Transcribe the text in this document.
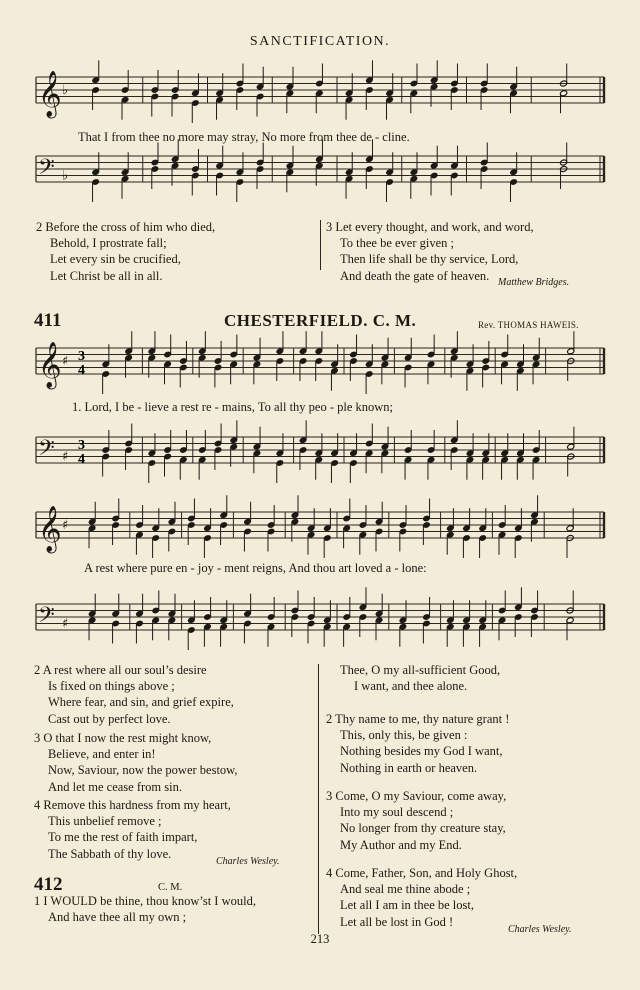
SANCTIFICATION.
𝄞 ♭
That I from thee no more may stray, No more from thee de - cline.
𝄢 ♭
2 Before the cross of him who died,
Behold, I prostrate fall;
Let every sin be crucified,
Let Christ be all in all.
3 Let every thought, and work, and word,
To thee be ever given ;
Then life shall be thy service, Lord,
And death the gate of heaven. Matthew Bridges.
411	CHESTERFIELD. C. M.	Rev. THOMAS HAWEIS.
𝄞 ♯ 3
4
1. Lord, I be - lieve a rest re - mains, To all thy peo - ple known;
𝄢 ♯
3
4
𝄞 ♯
A rest where pure en - joy - ment reigns, And thou art loved a - lone:
𝄢 ♯
2 A rest where all our soul’s desire
Is fixed on things above ;
Where fear, and sin, and grief expire,
Cast out by perfect love.
3 O that I now the rest might know,
Believe, and enter in!
Now, Saviour, now the power bestow,
And let me cease from sin.
4 Remove this hardness from my heart,
This unbelief remove ;
To me the rest of faith impart,
The Sabbath of thy love.
Charles Wesley.
Thee, O my all-sufficient Good,
I want, and thee alone.
2 Thy name to me, thy nature grant !
This, only this, be given :
Nothing besides my God I want,
Nothing in earth or heaven.
3 Come, O my Saviour, come away,
Into my soul descend ;
No longer from thy creature stay,
My Author and my End.
4 Come, Father, Son, and Holy Ghost,
And seal me thine abode ;
Let all I am in thee be lost,
Let all be lost in God !
Charles Wesley.
412	C. M.
1 I WOULD be thine, thou know’st I would,
And have thee all my own ;
213
